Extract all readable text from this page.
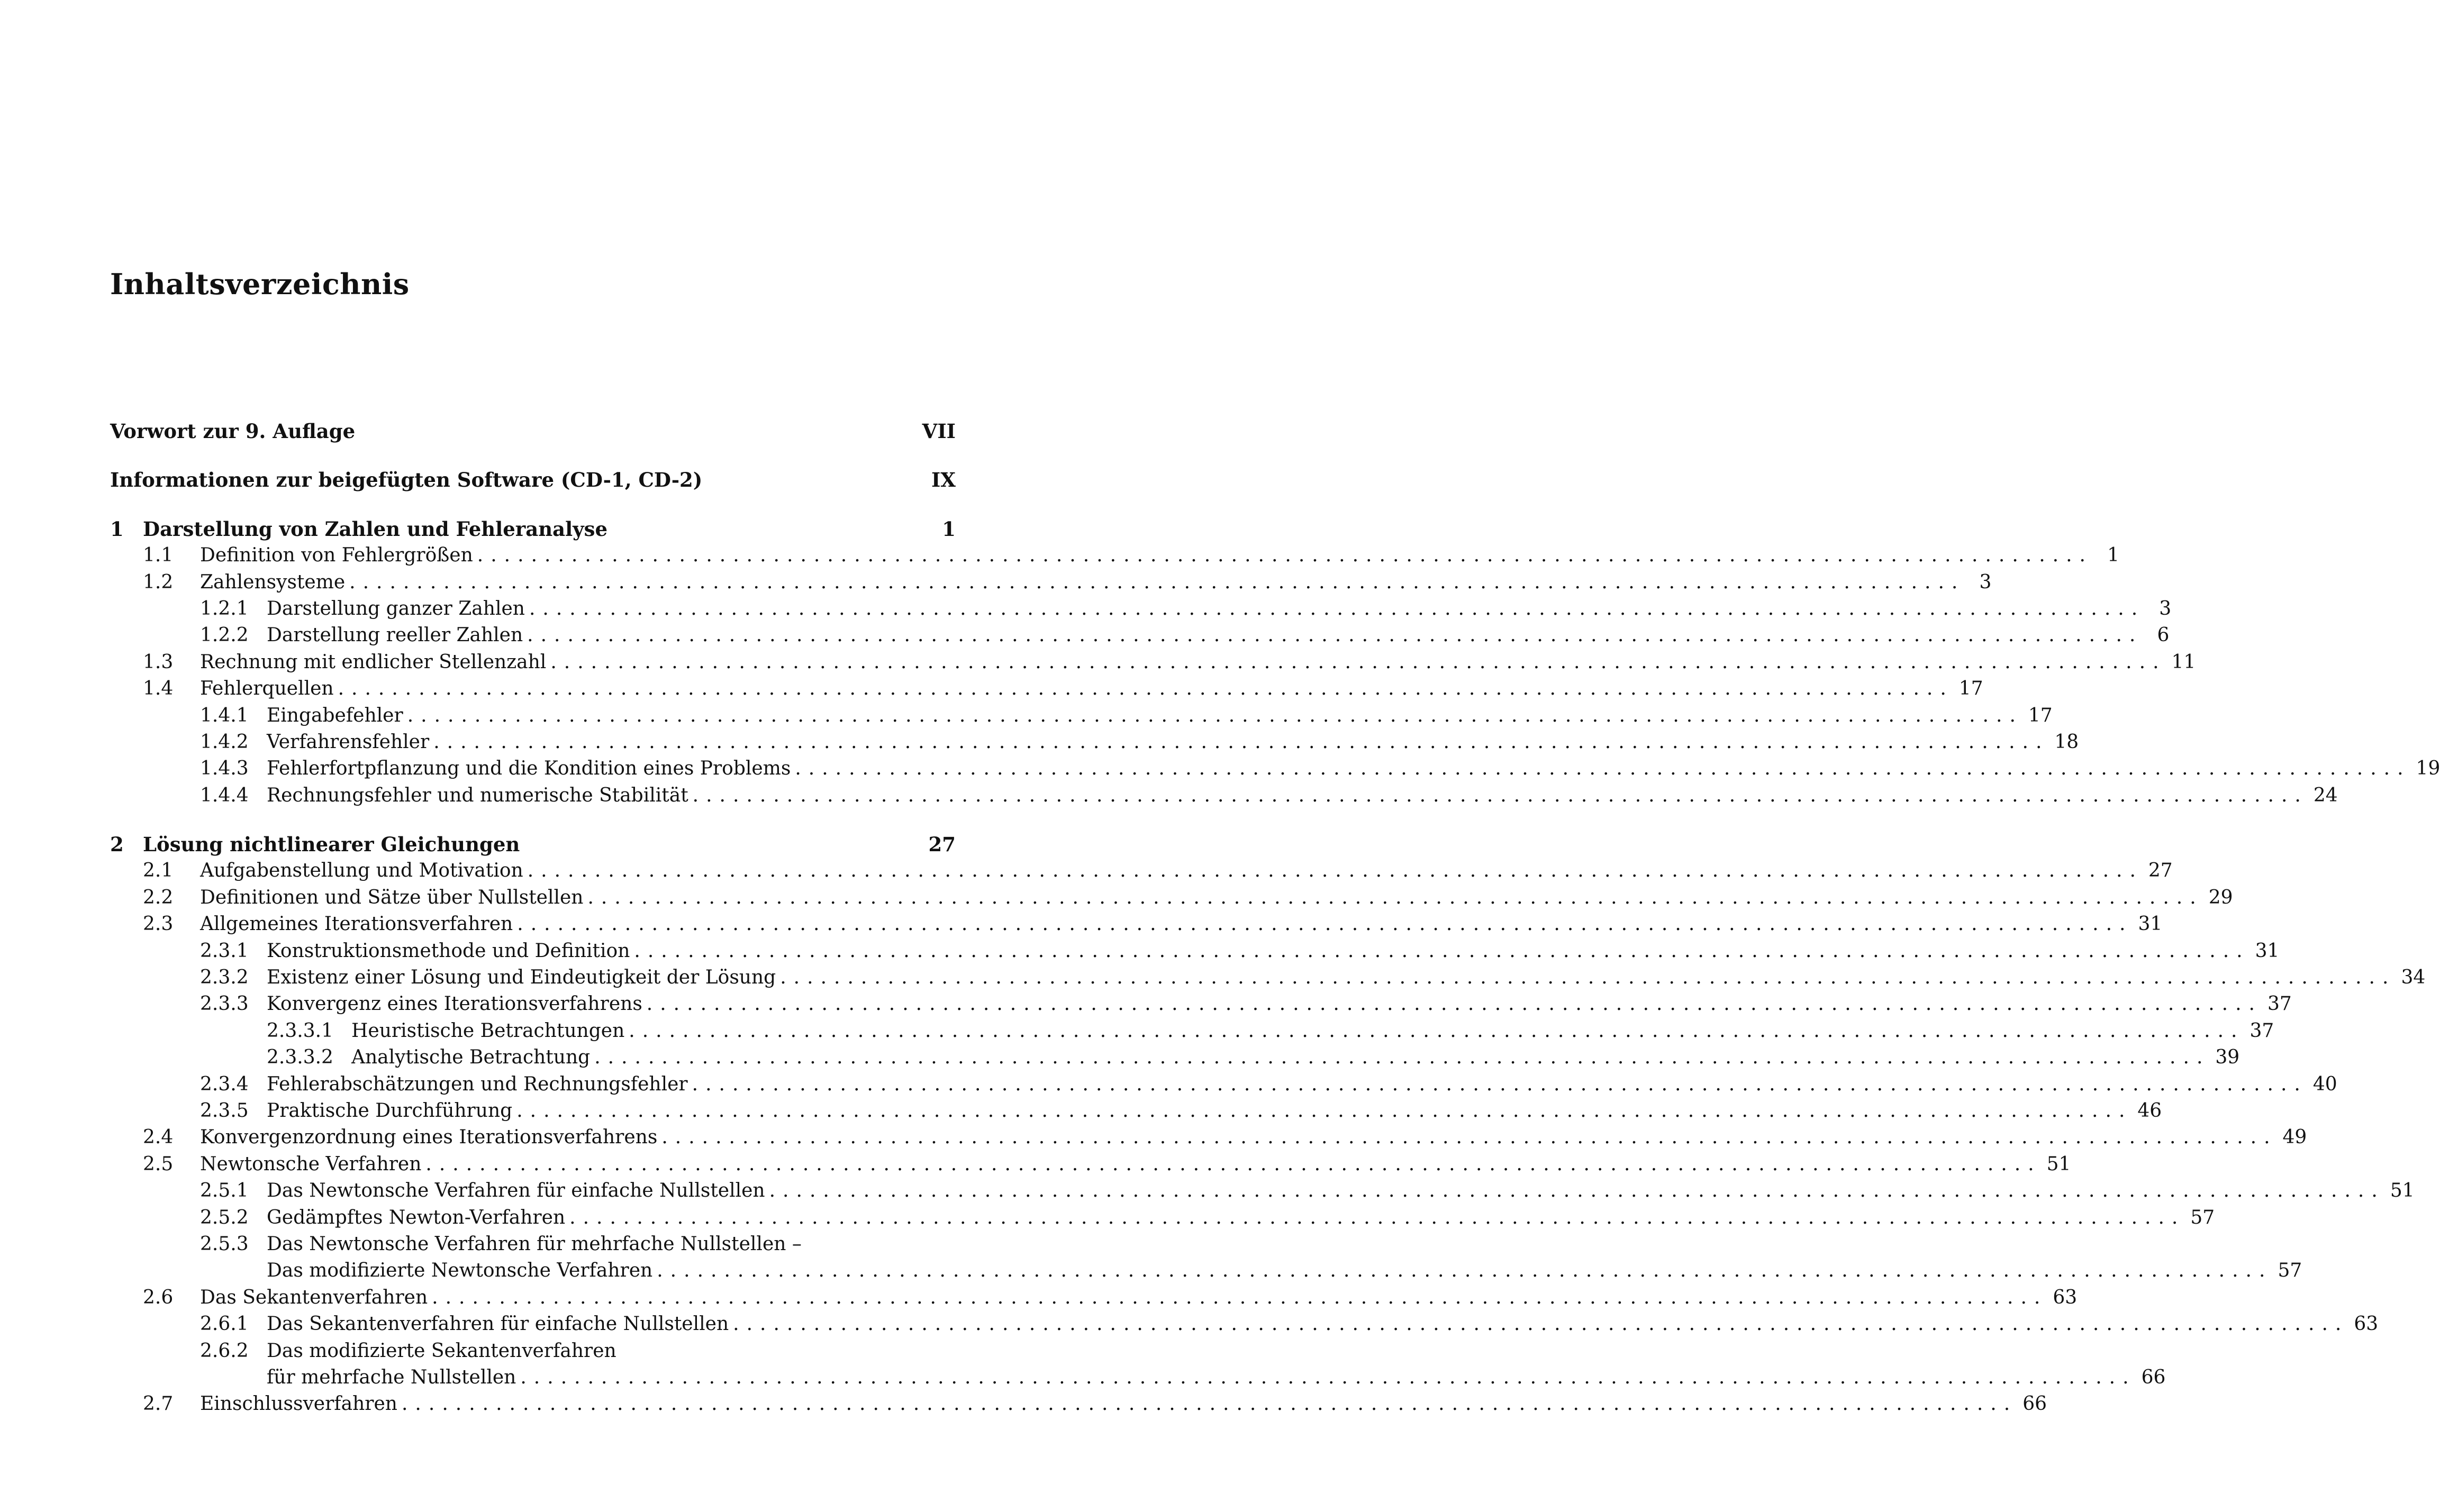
Inhaltsverzeichnis
Vorwort zur 9. Auflage	VII
Informationen zur beigefügten Software (CD-1, CD-2)	IX
1 Darstellung von Zahlen und Fehleranalyse	1
1.1	Definition von Fehlergrößen ........................................................................................................................ 1
1.2	Zahlensysteme ........................................................................................................................ 3
1.2.1 Darstellung ganzer Zahlen ........................................................................................................................ 3
1.2.2 Darstellung reeller Zahlen ........................................................................................................................ 6
1.3	Rechnung mit endlicher Stellenzahl ........................................................................................................................ 11
1.4	Fehlerquellen ........................................................................................................................ 17
1.4.1 Eingabefehler ........................................................................................................................ 17
1.4.2 Verfahrensfehler ........................................................................................................................ 18
1.4.3 Fehlerfortpflanzung und die Kondition eines Problems ........................................................................................................................ 19
1.4.4 Rechnungsfehler und numerische Stabilität ........................................................................................................................ 24
2 Lösung nichtlinearer Gleichungen	27
2.1	Aufgabenstellung und Motivation ........................................................................................................................ 27
2.2	Definitionen und Sätze über Nullstellen ........................................................................................................................ 29
2.3	Allgemeines Iterationsverfahren ........................................................................................................................ 31
2.3.1 Konstruktionsmethode und Definition ........................................................................................................................ 31
2.3.2 Existenz einer Lösung und Eindeutigkeit der Lösung ........................................................................................................................ 34
2.3.3 Konvergenz eines Iterationsverfahrens ........................................................................................................................ 37
2.3.3.1 Heuristische Betrachtungen ........................................................................................................................ 37
2.3.3.2 Analytische Betrachtung ........................................................................................................................ 39
2.3.4 Fehlerabschätzungen und Rechnungsfehler ........................................................................................................................ 40
2.3.5 Praktische Durchführung ........................................................................................................................ 46
2.4	Konvergenzordnung eines Iterationsverfahrens ........................................................................................................................ 49
2.5	Newtonsche Verfahren ........................................................................................................................ 51
2.5.1 Das Newtonsche Verfahren für einfache Nullstellen ........................................................................................................................ 51
2.5.2 Gedämpftes Newton-Verfahren ........................................................................................................................ 57
2.5.3 Das Newtonsche Verfahren für mehrfache Nullstellen –
Das modifizierte Newtonsche Verfahren ........................................................................................................................ 57
2.6	Das Sekantenverfahren ........................................................................................................................ 63
2.6.1 Das Sekantenverfahren für einfache Nullstellen ........................................................................................................................ 63
2.6.2 Das modifizierte Sekantenverfahren
für mehrfache Nullstellen ........................................................................................................................ 66
2.7	Einschlussverfahren ........................................................................................................................ 66
